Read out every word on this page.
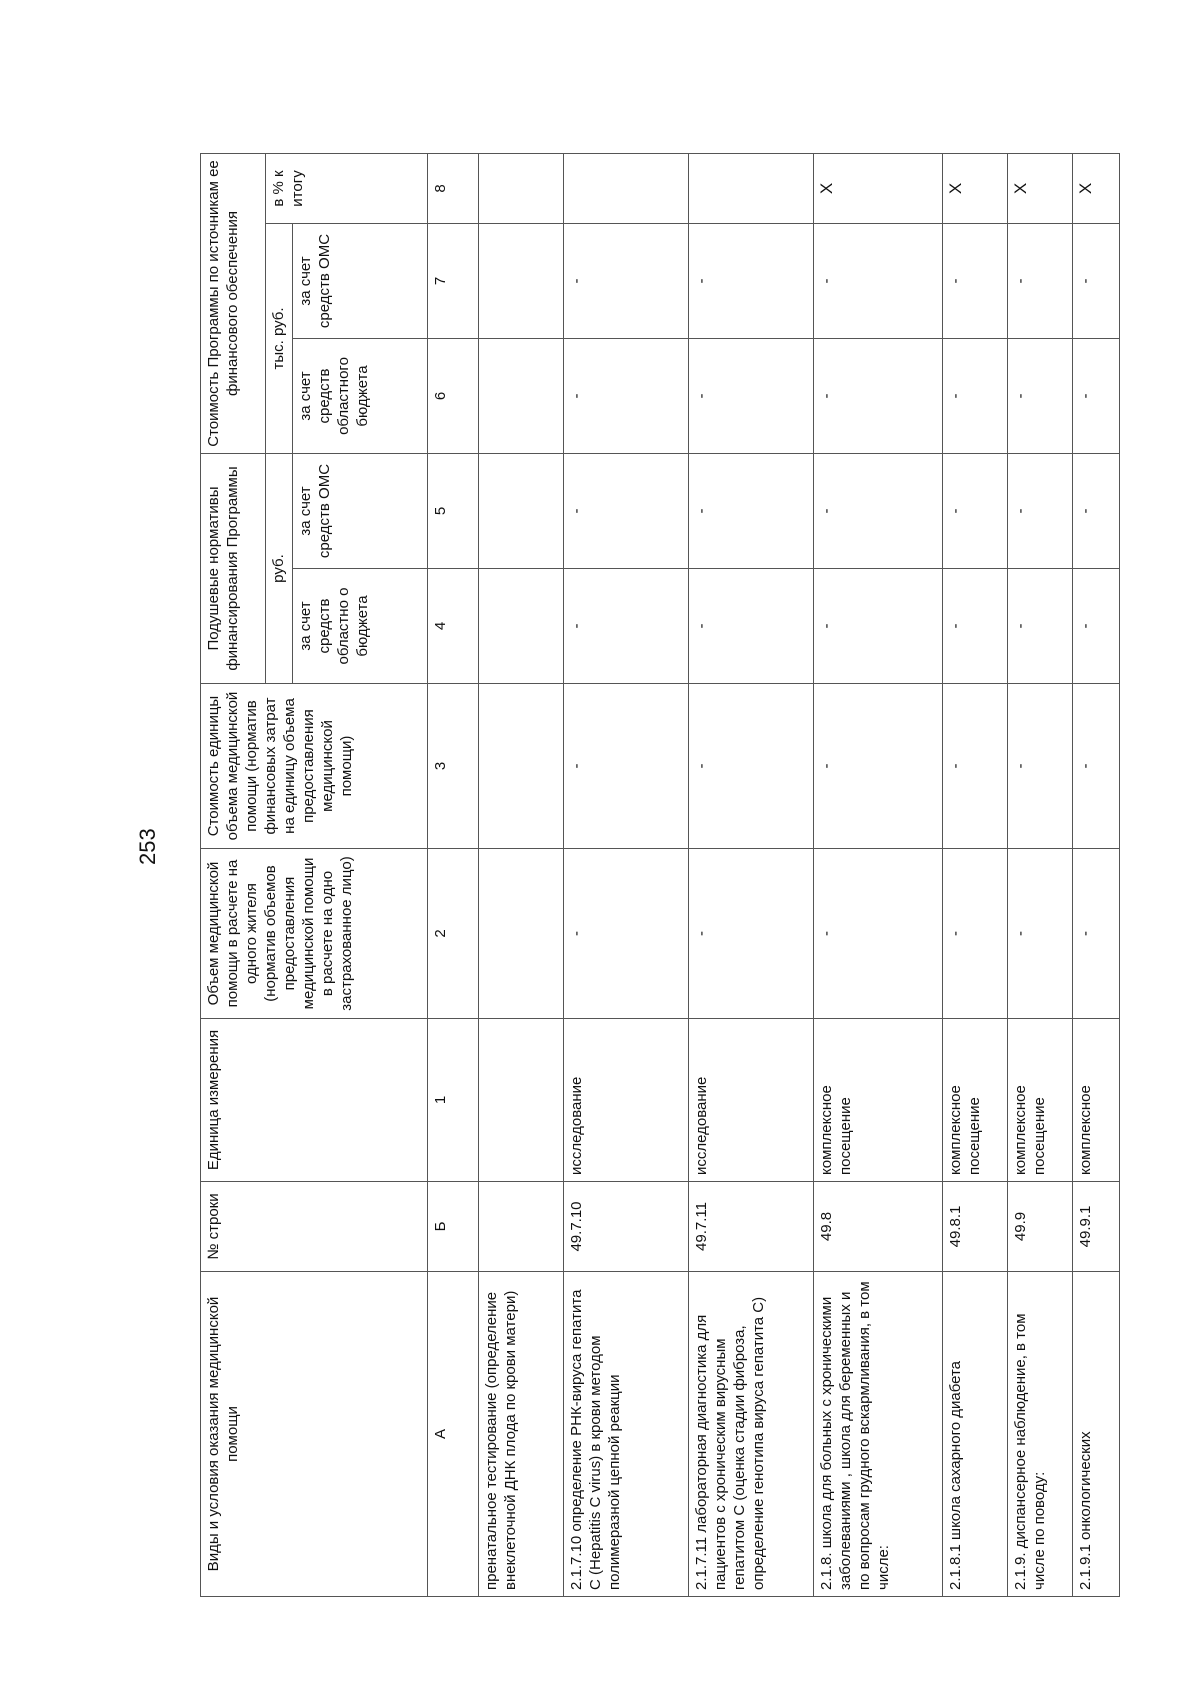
253
Виды и условия оказания медицинской помощи	№ строки	Единица измерения	Объем медицинской помощи в расчете на одного жителя (норматив объемов предоставления медицинской помощи в расчете на одно застрахованное лицо)	Стоимость единицы объема медицинской помощи (норматив финансовых затрат на единицу объема предоставления медицинской помощи)	Подушевые нормативы финансирования Программы		Стоимость Программы по источникам ее финансового обеспечения		
					руб.		тыс. руб.		в % к итогу
					за счет средств областно о бюджета	за счет средств ОМС	за счет средств областного бюджета	за счет средств ОМС	
А	Б	1	2	3	4	5	6	7	8
пренатальное тестирование (определение внеклеточной ДНК плода по крови матери)									
2.1.7.10 определение РНК-вируса гепатита С (Hepatitis C virus) в крови методом полимеразной цепной реакции	49.7.10	исследование	-	-	-	-	-	-	
2.1.7.11 лабораторная диагностика для пациентов с хроническим вирусным гепатитом С (оценка стадии фиброза, определение генотипа вируса гепатита С)	49.7.11	исследование	-	-	-	-	-	-	
2.1.8. школа для больных с хроническими заболеваниями , школа для беременных и по вопросам грудного вскармливания, в том числе:	49.8	комплексное посещение	-	-	-	-	-	-	X
2.1.8.1 школа сахарного диабета	49.8.1	комплексное посещение	-	-	-	-	-	-	X
2.1.9. диспансерное наблюдение, в том числе по поводу:	49.9	комплексное посещение	-	-	-	-	-	-	X
2.1.9.1 онкологических	49.9.1	комплексное	-	-	-	-	-	-	X
